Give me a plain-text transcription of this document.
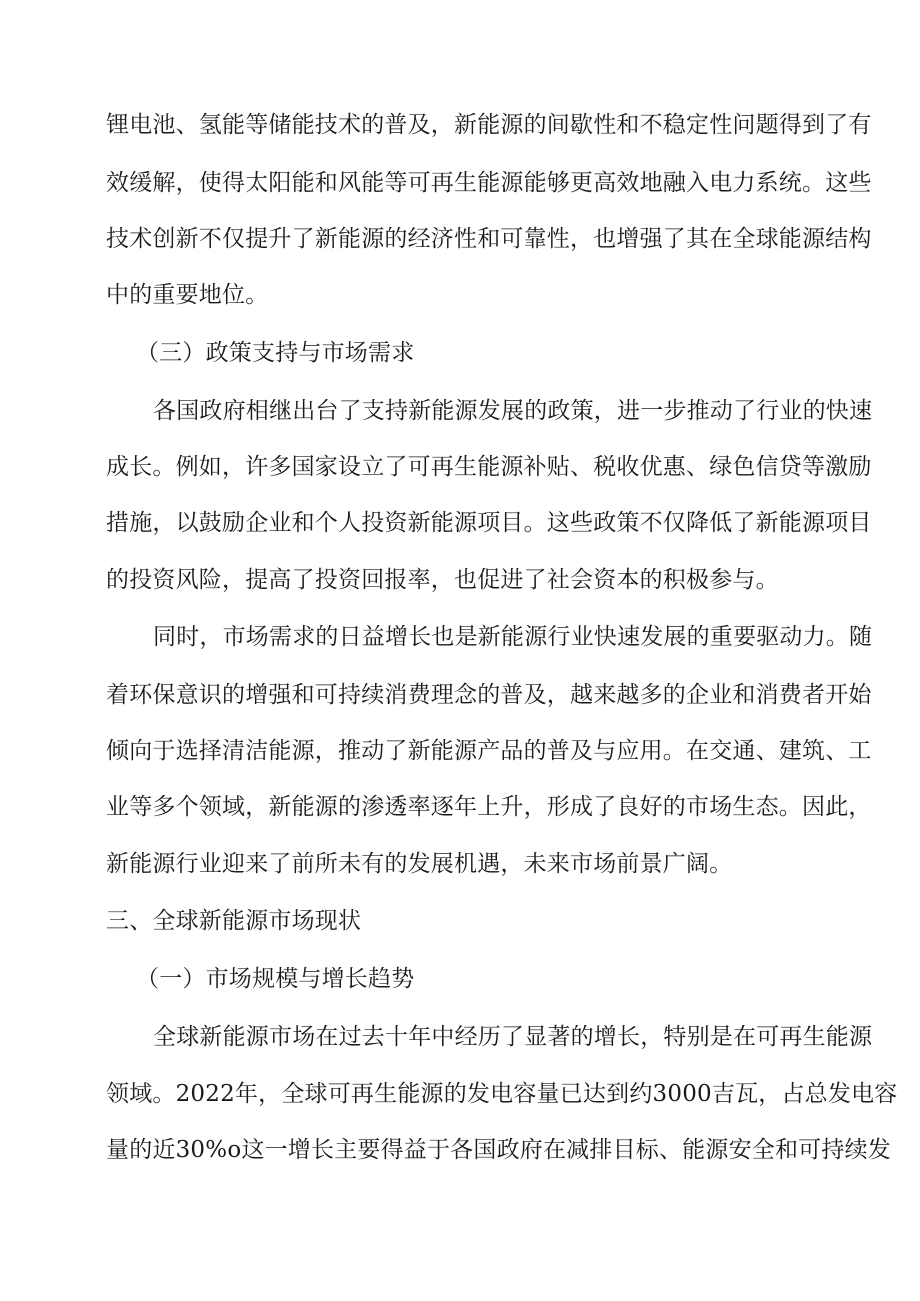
锂电池、氢能等储能技术的普及，新能源的间歇性和不稳定性问题得到了有
效缓解，使得太阳能和风能等可再生能源能够更高效地融入电力系统。这些
技术创新不仅提升了新能源的经济性和可靠性，也增强了其在全球能源结构
中的重要地位。
（三）政策支持与市场需求
各国政府相继出台了支持新能源发展的政策，进一步推动了行业的快速
成长。例如，许多国家设立了可再生能源补贴、税收优惠、绿色信贷等激励
措施，以鼓励企业和个人投资新能源项目。这些政策不仅降低了新能源项目
的投资风险，提高了投资回报率，也促进了社会资本的积极参与。
同时，市场需求的日益增长也是新能源行业快速发展的重要驱动力。随
着环保意识的增强和可持续消费理念的普及，越来越多的企业和消费者开始
倾向于选择清洁能源，推动了新能源产品的普及与应用。在交通、建筑、工
业等多个领域，新能源的渗透率逐年上升，形成了良好的市场生态。因此，
新能源行业迎来了前所未有的发展机遇，未来市场前景广阔。
三、全球新能源市场现状
（一）市场规模与增长趋势
全球新能源市场在过去十年中经历了显著的增长，特别是在可再生能源
领域。2022年，全球可再生能源的发电容量已达到约3000吉瓦，占总发电容
量的近30%o这一增长主要得益于各国政府在减排目标、能源安全和可持续发
